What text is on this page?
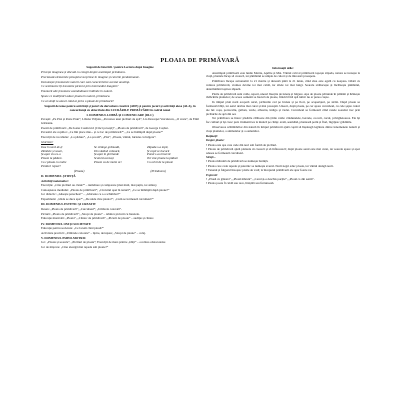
PLOAIA DE PRIMĂVARĂ

Sugestii de Interirii / pentru Lectura după Imagine

Privește imaginea și discută cu colegii despre anotimpul primăvara.

Precizează elementele peisajului surprinse în imagine și culorile predominante.

Denumește fenomenele naturii care sunt caracteristice acestui anotimp.

Ce sentimente îți transmite pictorul prin intermediul imaginii?

Enumeră alte fenomene asemănătoare întâlnite în natură.

Spune ce modificări aduce ploaia în natură, primăvara.

Ce ai simțit tu atunci când ai prins o ploaie de primăvară?

Sugestii de teme pentru activități și jocuri de dezvoltare creativă (ADE) și pentru jocuri și activități alese (ALA), în concordanță cu obiectivele din LUCRĂRILE PRIMĂVĂRII în cadrul temei

I. DOMENIUL LIMBĂ ȘI COMUNICARE (DLC)

Povești: „Pe Ploi și Peste Prun”, Liliana Vrăjoiu, „Povestea unei picături de apă”, Lia Descepet Voiculescu, „O veste”, de Emil Gârleanu.

Poezii de primăvară: „De Ioana Cosmovici (Cinci povești)”, „Ploaia de primăvară”, de George Coșbuc.

Povestiri ale copiilor: „Ce îmi place mie... și ce fac de primăvară?”, „Ce se întâmplă după ploaie?”

Exerciții de vocabular: „La pădure”, „La școală”, „Ploi”, „Ploaia, vântul, furtuna cu fulgere”.

Ghicitori:

Dau în vară de-ți
Zâmbete și soare,
Și-apoi viu cu-o
Ploaie la pădure.
Ce-i ploaia cu multe
Picături repezi?
Se strânge grămadă,
Din văzduh coboară,
Și-apoi în ghirlande
Scutură aceeași
Ploaie ca de multe ori
Zăpada s-a topit,
Și copii se bucură
Pomii s-au înverzit
Tot vine ploaia la pădure
Cu ochii de la ploaie
(Ploaia)	(Primăvara)
II. DOMENIUL ȘTIINȚĂ
Activități matematice:

Exercițiu: „Câte picături au căzut?” – numărare și comparare (mai mult, mai puțin, tot atâtea)

Cunoașterea mediului: „Ploaia de primăvară”; „Circuitul apei în natură”; „Ce se întâmplă după ploaie?”

Joc didactic: „Găsește perechea!” – „Ghiceste ce s-a schimbat?”

Experiment: „Unde se duce apa?”, „De unde vine ploaia?”, „Cum se formează curcubeul?”

III. DOMENIUL ESTETIC ȘI CREATIV

Desen: „Ploaia de primăvară”; „Curcubeul”; „Umbrela colorată”.

Pictură: „Ploaia de primăvară”; „Stropi de ploaie” – tehnica picturii cu buretele.

Educație muzicală: „Ploaia”, „Cântec de primăvară”, „Picurii de ploaie” – audiție și cântec.

IV. DOMENIUL OM ȘI SOCIETATE

Educație pentru societate: „Ce facem când plouă?”

Activitate practică: „Umbrele colorate” – lipire, decupare; „Stropi de ploaie” – colaj.

V. DOMENIUL PSIHO-MOTRIC

Joc: „Ploaia și soarele”, „Picături de ploaie”; Exerciții de mers printre „bălți” – ocolirea obstacolelor.

Joc de mișcare: „Cine aleargă mai repede sub ploaie?”

Informații utile:

Anotimpul primăverii este lunile Martie, Aprilie și Mai. Vântul cald al primăverii topește zăpada, natura se trezește la viață, plantele încep să crească, iar pământul se umple de culori și de mirosuri proaspete.

Primăvara începe astronomic la 21 martie și durează până la 21 iunie, când ziua este egală cu noaptea. Odată cu venirea primăverii, vremea devine tot mai caldă, iar zilele tot mai lungi. Soarele strălucește și încălzește pământul, determinând topirea zăpezii.

Ploile de primăvară sunt calde, repezi, uneori însoțite de tunete și fulgere. Apa de ploaie pătrunde în pământ și hrănește rădăcinile plantelor; de aceea oamenii se bucură de ploaie, fiindcă fără apă nimic nu ar putea crește.

În timpul ploii norii acoperă cerul, picăturile cad pe frunze și pe flori, pe acoperișuri, pe străzi. După ploaie se formează bălți, iar aerul devine mai curat și mai proaspăt. Uneori, după ploaie, pe cer apare curcubeul, cu cele șapte culori ale lui: roșu, portocaliu, galben, verde, albastru, indigo și violet. Curcubeul se formează când razele soarelui trec prin picăturile de apă din aer.

Tot primăvara se întorc păsările călătoare din țările calde: rândunelele, berzele, cocorii, cucul, privighetoarea. Ele își fac cuiburi și își cresc puii. Oamenii ies la muncă pe câmp: arată, seamănă, plantează pomi și flori, îngrijesc grădinile.

Observarea schimbărilor din natură în timpul primăverii ajută copiii să înțeleagă legătura dintre fenomenele naturii și viața plantelor, a animalelor și a oamenilor.

Rețineți!
Despre ploaie:

• Ploaia este apa care cade din nori sub formă de picături.

• Ploaia de primăvară ajută plantele să crească și să înflorească; după ploaie aerul este mai curat, iar soarele apare și apoi adesea se formează curcubeul.

Strofe...

• Ploaia măruntă de primăvară se numește burniță.

• Ploaia care cade repede și puternic se numește aversă. Norii negri aduc ploaia, iar vântul alungă norii.

• Tunetul și fulgerul însoțesc ploile de vară; la începutul primăverii ele apar foarte rar.

Expresii:

• „Plouă cu găleata”, „Plouă mărunt”, „Cerul și-a deschis porțile”, „Plouă ca din senin”.

• Ploaia poate fi caldă sau rece, liniștită sau furtunoasă.
